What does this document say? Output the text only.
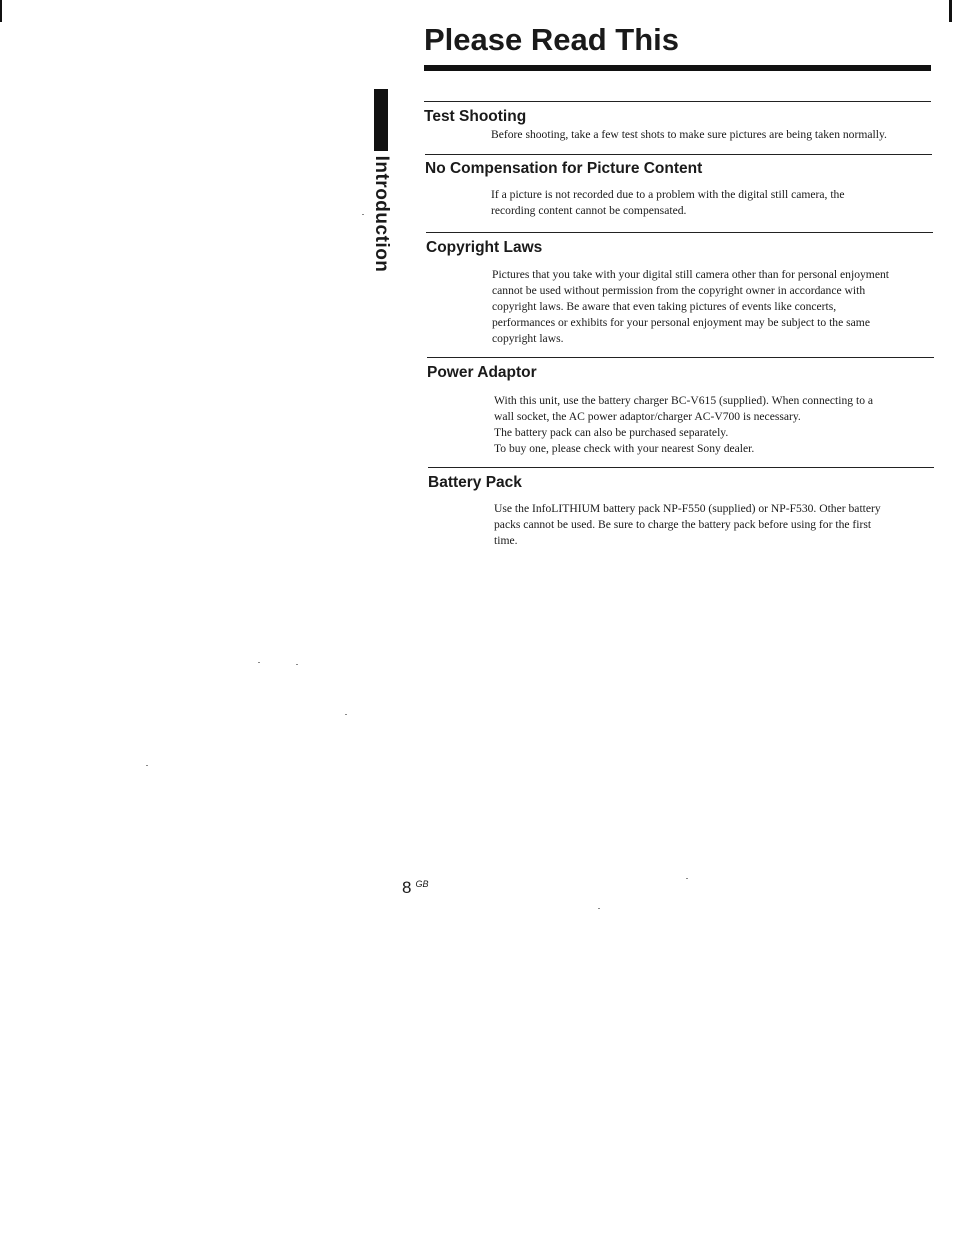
Please Read This
Introduction
Test Shooting

Before shooting, take a few test shots to make sure pictures are being taken normally.

No Compensation for Picture Content

If a picture is not recorded due to a problem with the digital still camera, the

recording content cannot be compensated.

Copyright Laws

Pictures that you take with your digital still camera other than for personal enjoyment

cannot be used without permission from the copyright owner in accordance with

copyright laws. Be aware that even taking pictures of events like concerts,

performances or exhibits for your personal enjoyment may be subject to the same

copyright laws.

Power Adaptor

With this unit, use the battery charger BC-V615 (supplied). When connecting to a

wall socket, the AC power adaptor/charger AC-V700 is necessary.

The battery pack can also be purchased separately.

To buy one, please check with your nearest Sony dealer.

Battery Pack

Use the InfoLITHIUM battery pack NP-F550 (supplied) or NP-F530. Other battery

packs cannot be used. Be sure to charge the battery pack before using for the first

time.

8 $^{GB}$
